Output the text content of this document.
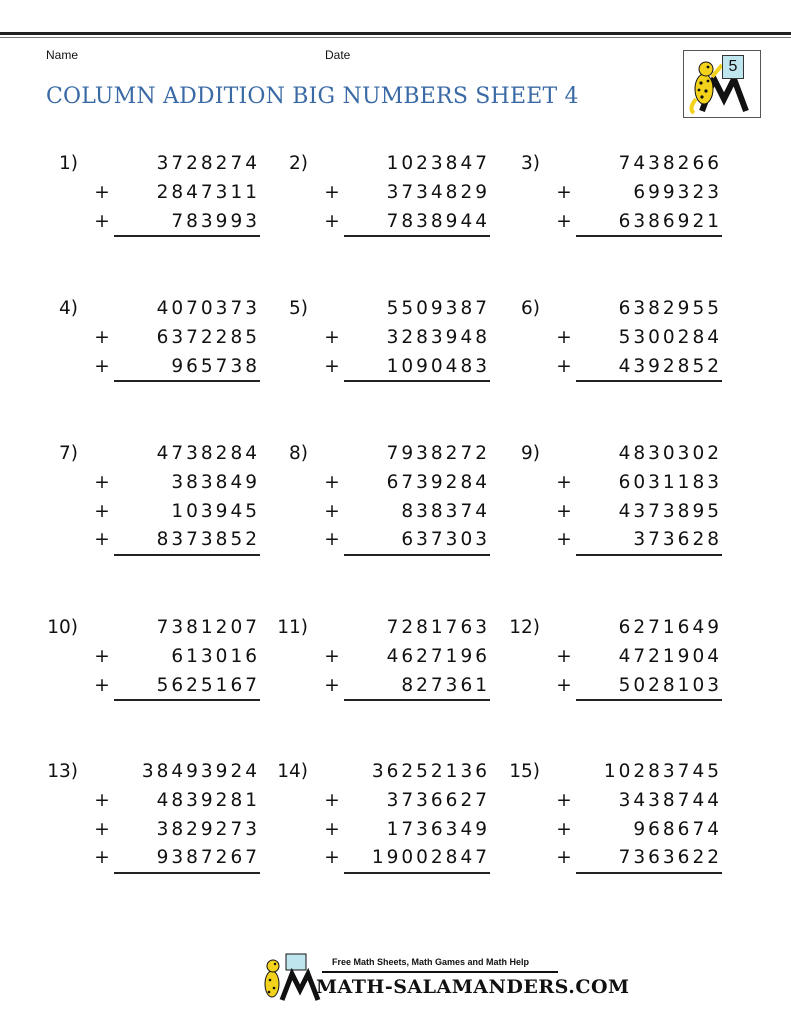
Name	Date
COLUMN ADDITION BIG NUMBERS SHEET 4
5
1)	3728274
+	2847311
+	783993
2)	1023847
+	3734829
+	7838944
3)	7438266
+	699323
+	6386921
4)	4070373
+	6372285
+	965738
5)	5509387
+	3283948
+	1090483
6)	6382955
+	5300284
+	4392852
7)	4738284
+	383849
+	103945
+	8373852
8)	7938272
+	6739284
+	838374
+	637303
9)	4830302
+	6031183
+	4373895
+	373628
10)	7381207
+	613016
+	5625167
11)	7281763
+	4627196
+	827361
12)	6271649
+	4721904
+	5028103
13)	38493924
+	4839281
+	3829273
+	9387267
14)	36252136
+	3736627
+	1736349
+ 19002847
15)	10283745
+	3438744
+	968674
+	7363622
Free Math Sheets, Math Games and Math Help
MATH-SALAMANDERS.COM
